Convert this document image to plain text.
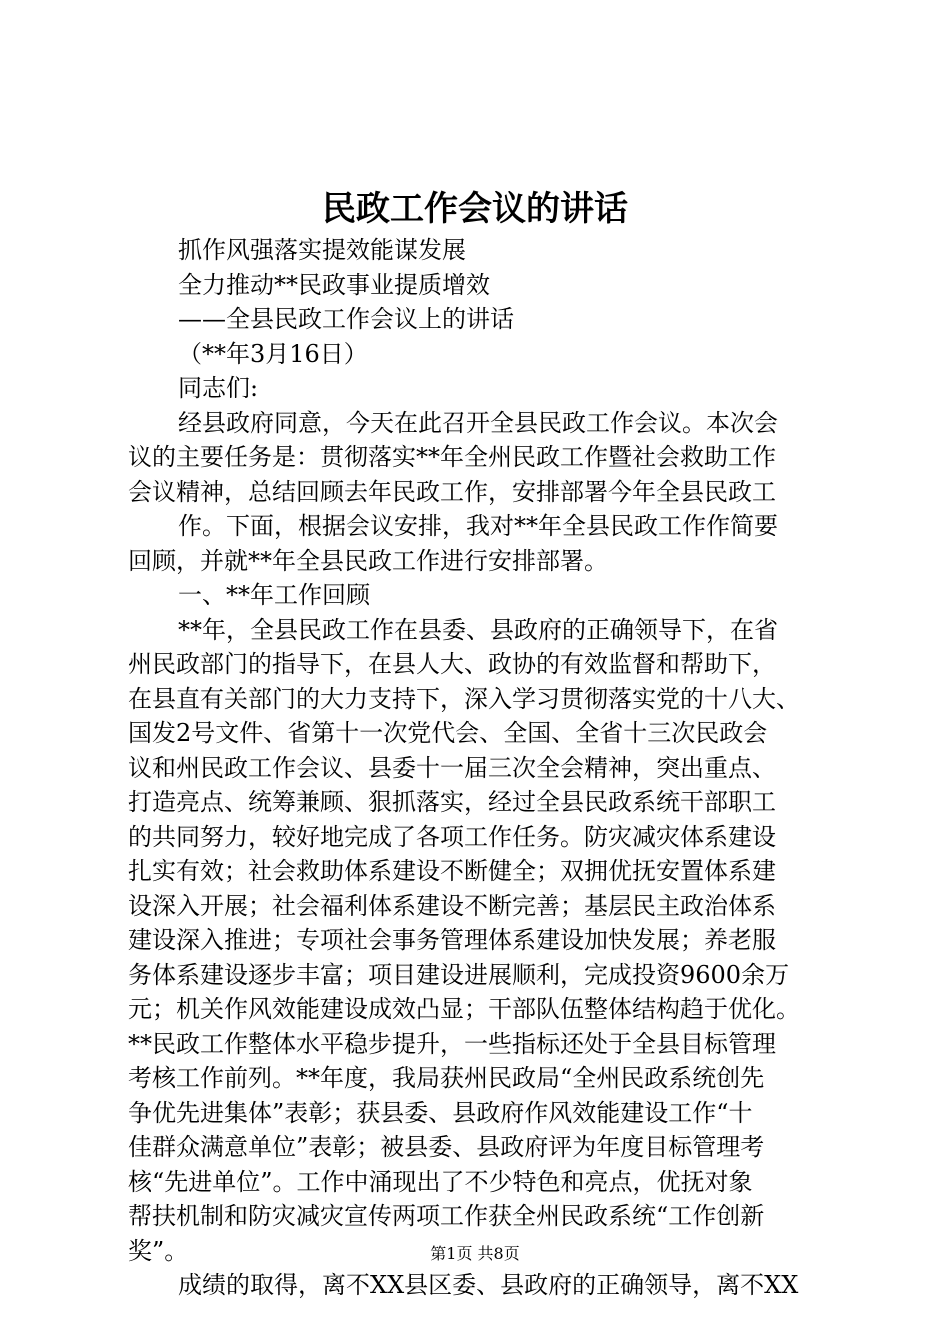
民政工作会议的讲话
抓作风强落实提效能谋发展
全力推动**民政事业提质增效
——全县民政工作会议上的讲话
（**年3月16日）
同志们:
经县政府同意，今天在此召开全县民政工作会议。本次会
议的主要任务是：贯彻落实**年全州民政工作暨社会救助工作
会议精神，总结回顾去年民政工作，安排部署今年全县民政工
作。下面，根据会议安排，我对**年全县民政工作作简要
回顾，并就**年全县民政工作进行安排部署。
一、**年工作回顾
**年，全县民政工作在县委、县政府的正确领导下，在省
州民政部门的指导下，在县人大、政协的有效监督和帮助下，
在县直有关部门的大力支持下，深入学习贯彻落实党的十八大、
国发2号文件、省第十一次党代会、全国、全省十三次民政会
议和州民政工作会议、县委十一届三次全会精神，突出重点、
打造亮点、统筹兼顾、狠抓落实，经过全县民政系统干部职工
的共同努力，较好地完成了各项工作任务。防灾减灾体系建设
扎实有效；社会救助体系建设不断健全；双拥优抚安置体系建
设深入开展；社会福利体系建设不断完善；基层民主政治体系
建设深入推进；专项社会事务管理体系建设加快发展；养老服
务体系建设逐步丰富；项目建设进展顺利，完成投资9600余万
元；机关作风效能建设成效凸显；干部队伍整体结构趋于优化。
**民政工作整体水平稳步提升，一些指标还处于全县目标管理
考核工作前列。**年度，我局获州民政局“全州民政系统创先
争优先进集体”表彰；获县委、县政府作风效能建设工作“十
佳群众满意单位”表彰；被县委、县政府评为年度目标管理考
核“先进单位”。工作中涌现出了不少特色和亮点，优抚对象
帮扶机制和防灾减灾宣传两项工作获全州民政系统“工作创新
奖”。
成绩的取得，离不XX县区委、县政府的正确领导，离不XX
第1页 共8页
